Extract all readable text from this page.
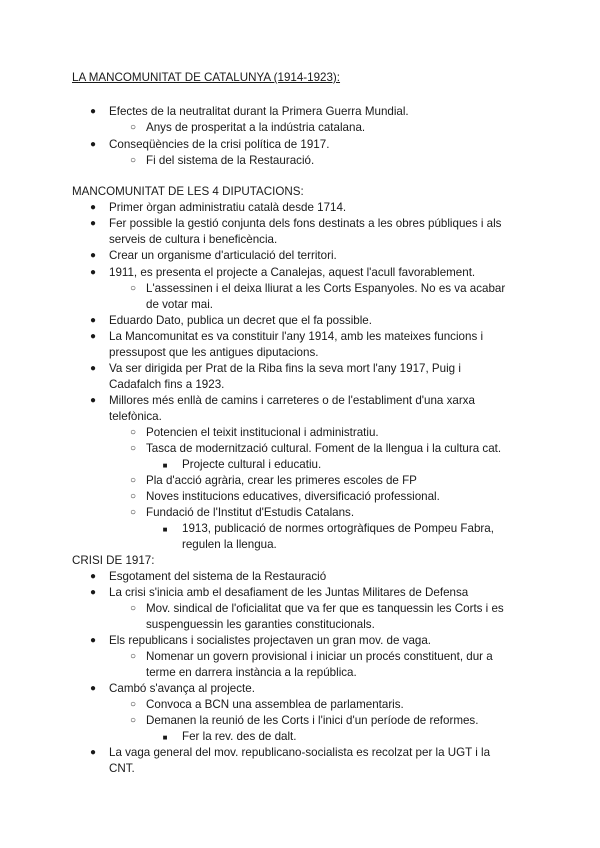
LA MANCOMUNITAT DE CATALUNYA (1914-1923):
● Efectes de la neutralitat durant la Primera Guerra Mundial.
○ Anys de prosperitat a la indústria catalana.
● Conseqüències de la crisi política de 1917.
○ Fi del sistema de la Restauració.
MANCOMUNITAT DE LES 4 DIPUTACIONS:
● Primer òrgan administratiu català desde 1714.
● Fer possible la gestió conjunta dels fons destinats a les obres públiques i als
serveis de cultura i beneficència.
● Crear un organisme d'articulació del territori.
● 1911, es presenta el projecte a Canalejas, aquest l'acull favorablement.
○ L'assessinen i el deixa lliurat a les Corts Espanyoles. No es va acabar
de votar mai.
● Eduardo Dato, publica un decret que el fa possible.
● La Mancomunitat es va constituir l'any 1914, amb les mateixes funcions i
pressupost que les antigues diputacions.
● Va ser dirigida per Prat de la Riba fins la seva mort l'any 1917, Puig i
Cadafalch fins a 1923.
● Millores més enllà de camins i carreteres o de l'establiment d'una xarxa
telefònica.
○ Potencien el teixit institucional i administratiu.
○ Tasca de modernització cultural. Foment de la llengua i la cultura cat.
■ Projecte cultural i educatiu.
○ Pla d'acció agrària, crear les primeres escoles de FP
○ Noves institucions educatives, diversificació professional.
○ Fundació de l'Institut d'Estudis Catalans.
■ 1913, publicació de normes ortogràfiques de Pompeu Fabra,
regulen la llengua.
CRISI DE 1917:
● Esgotament del sistema de la Restauració
● La crisi s'inicia amb el desafiament de les Juntas Militares de Defensa
○ Mov. sindical de l'oficialitat que va fer que es tanquessin les Corts i es
suspenguessin les garanties constitucionals.
● Els republicans i socialistes projectaven un gran mov. de vaga.
○ Nomenar un govern provisional i iniciar un procés constituent, dur a
terme en darrera instància a la república.
● Cambó s'avança al projecte.
○ Convoca a BCN una assemblea de parlamentaris.
○ Demanen la reunió de les Corts i l'inici d'un període de reformes.
■ Fer la rev. des de dalt.
● La vaga general del mov. republicano-socialista es recolzat per la UGT i la
CNT.
